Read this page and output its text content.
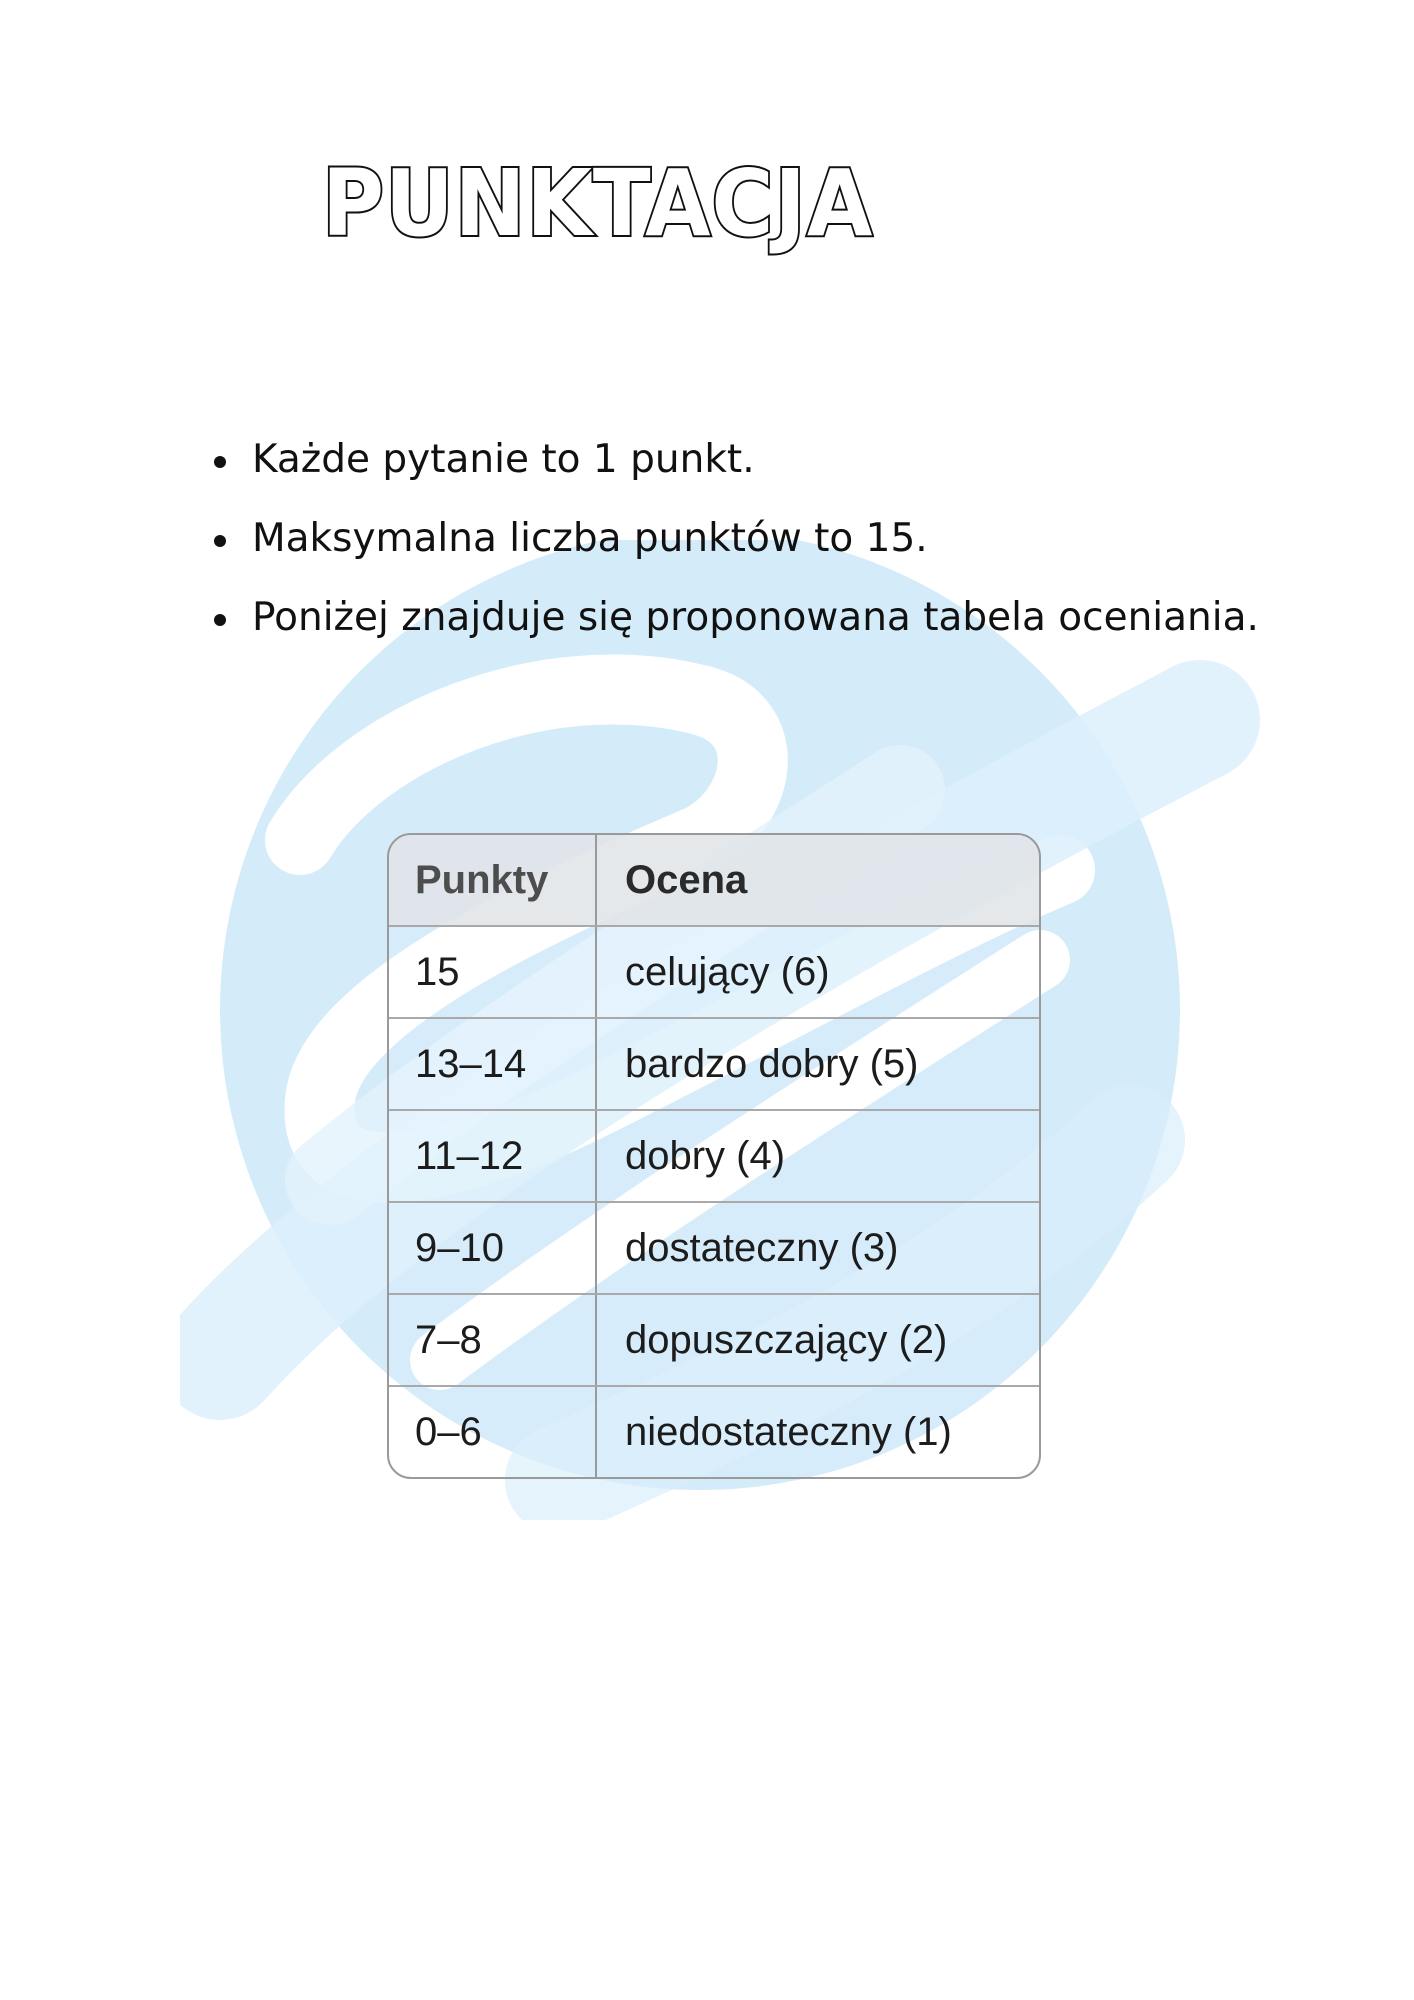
PUNKTACJA
Każde pytanie to 1 punkt.
Maksymalna liczba punktów to 15.
Poniżej znajduje się proponowana tabela oceniania.
Punkty	Ocena
15	celujący (6)
13–14	bardzo dobry (5)
11–12	dobry (4)
9–10	dostateczny (3)
7–8	dopuszczający (2)
0–6	niedostateczny (1)
